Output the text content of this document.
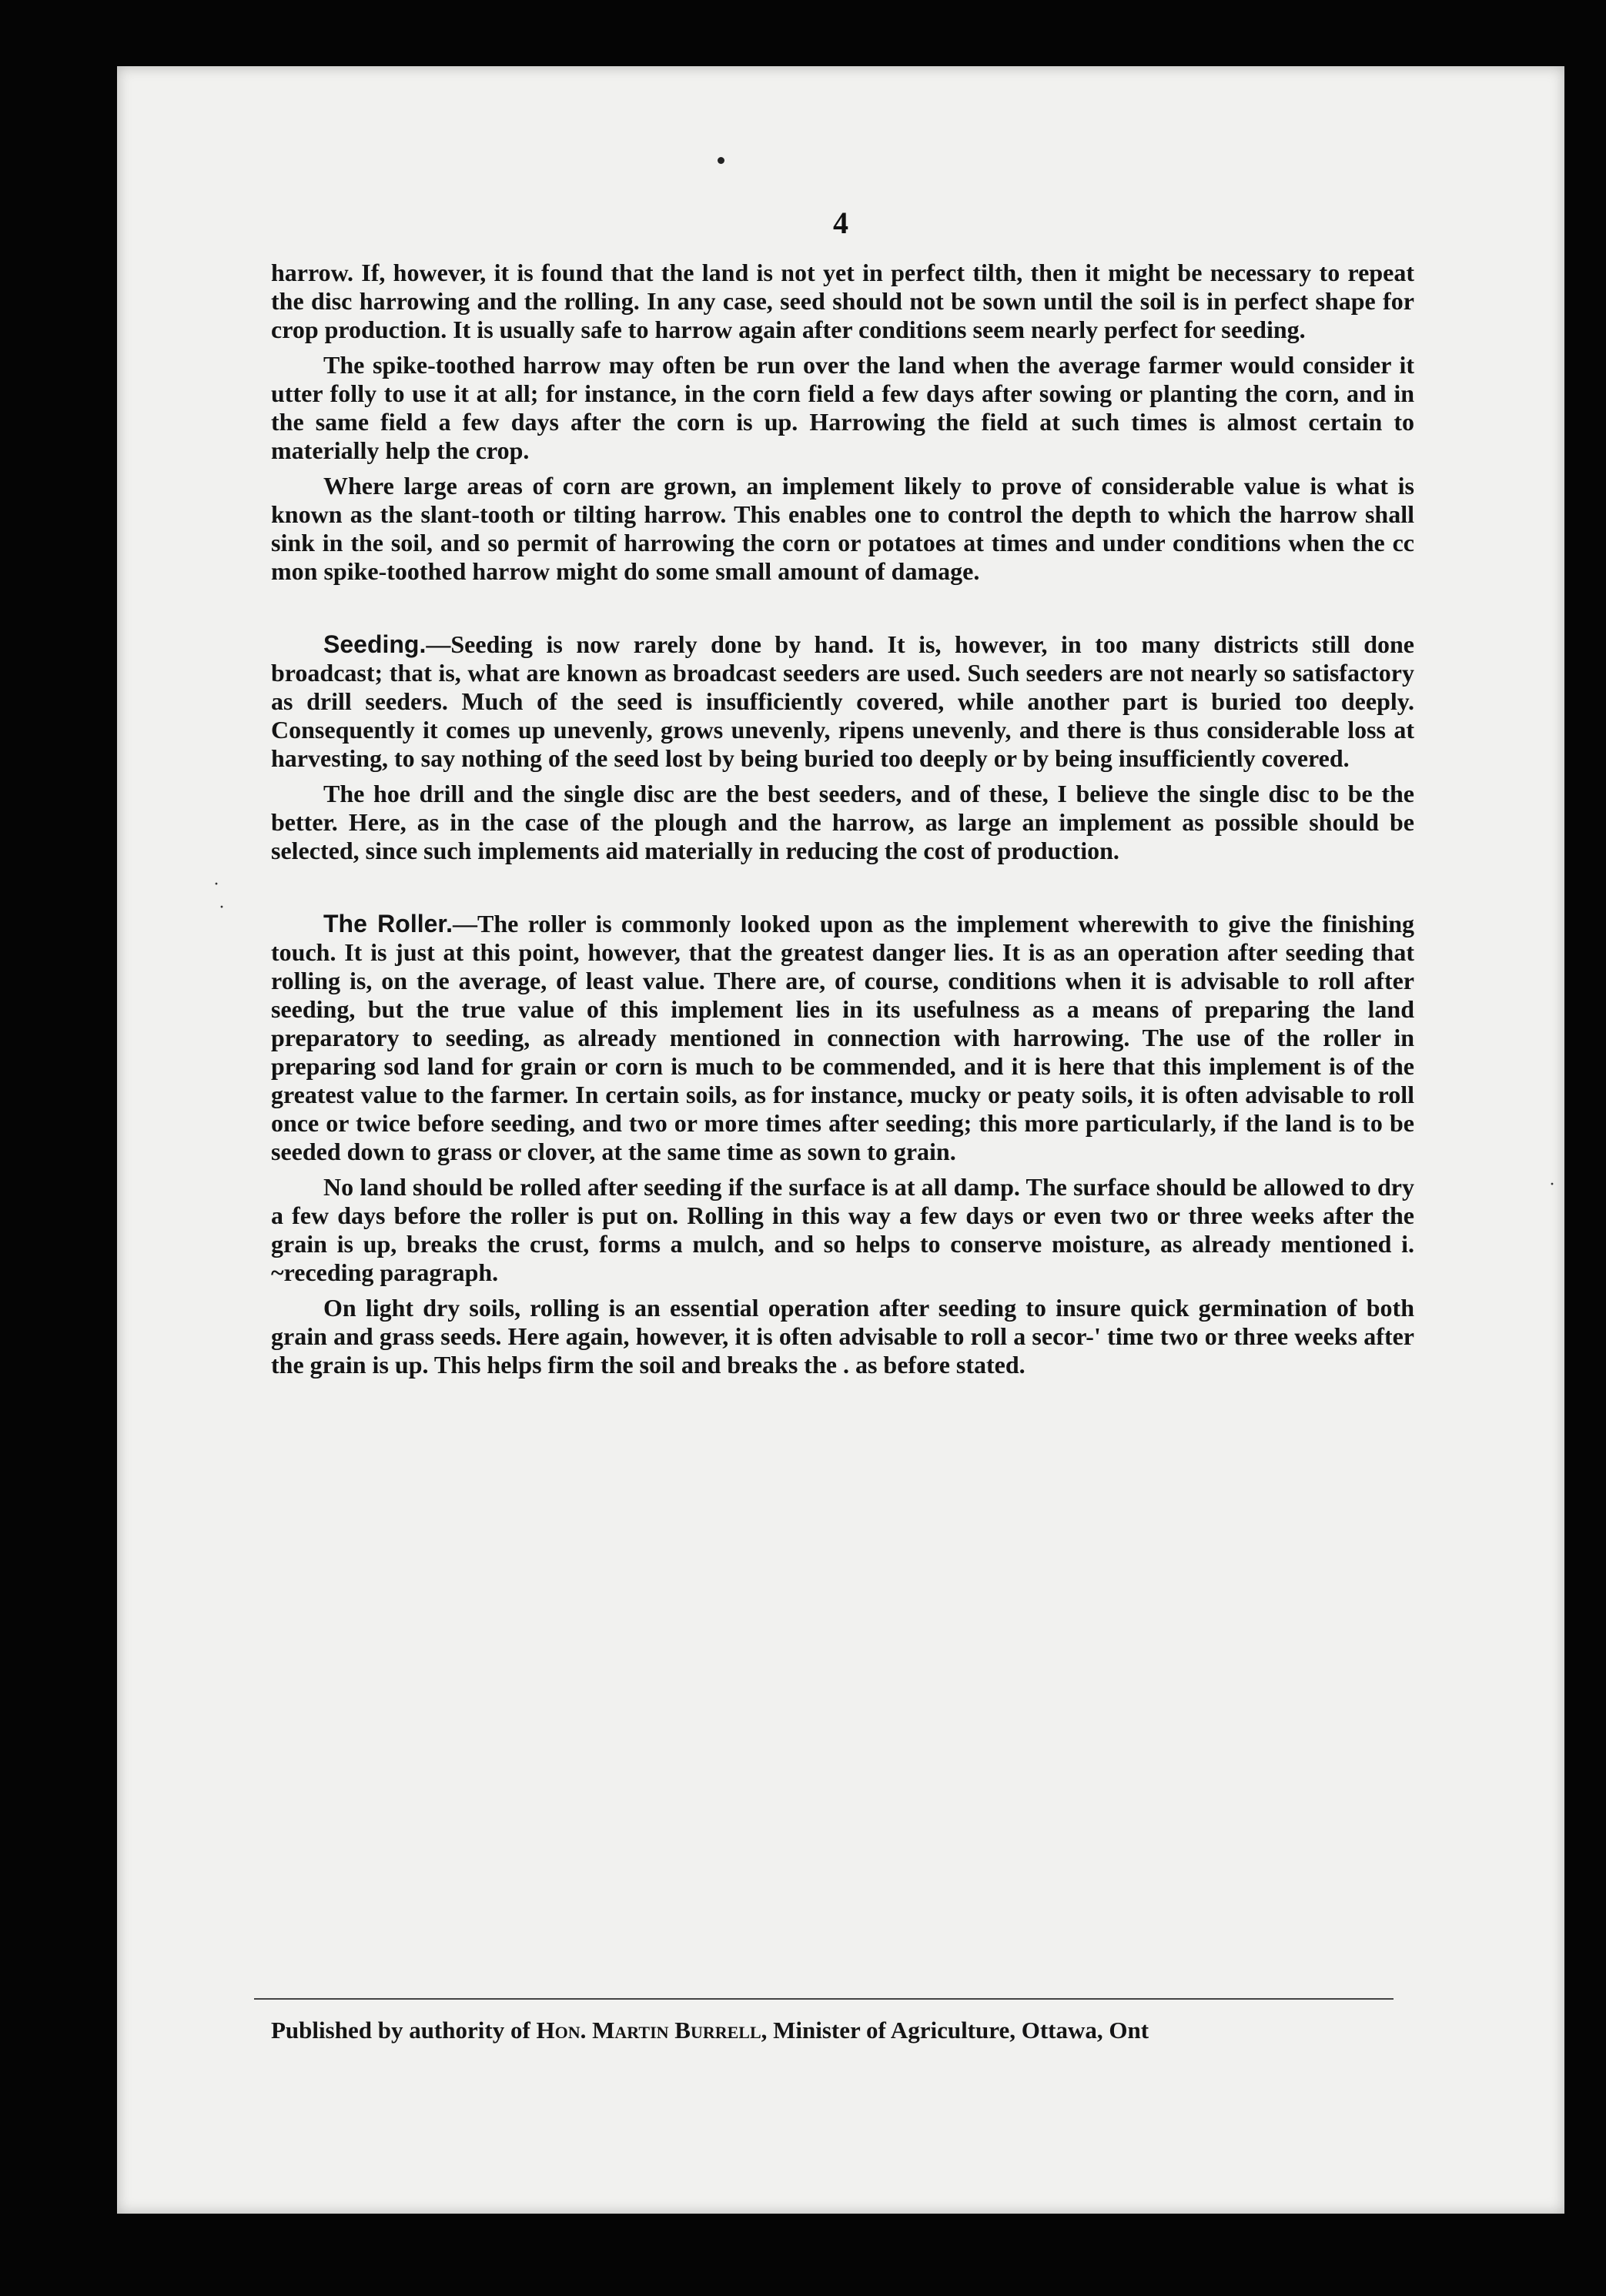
4

harrow. If, however, it is found that the land is not yet in perfect tilth, then it might be necessary to repeat the disc harrowing and the rolling. In any case, seed should not be sown until the soil is in perfect shape for crop production. It is usually safe to harrow again after conditions seem nearly perfect for seeding.

The spike-toothed harrow may often be run over the land when the average farmer would consider it utter folly to use it at all; for instance, in the corn field a few days after sowing or planting the corn, and in the same field a few days after the corn is up. Harrowing the field at such times is almost certain to materially help the crop.

Where large areas of corn are grown, an implement likely to prove of considerable value is what is known as the slant-tooth or tilting harrow. This enables one to control the depth to which the harrow shall sink in the soil, and so permit of harrowing the corn or potatoes at times and under conditions when the cc mon spike-toothed harrow might do some small amount of damage.

Seeding.—Seeding is now rarely done by hand. It is, however, in too many districts still done broadcast; that is, what are known as broadcast seeders are used. Such seeders are not nearly so satisfactory as drill seeders. Much of the seed is insufficiently covered, while another part is buried too deeply. Consequently it comes up unevenly, grows unevenly, ripens unevenly, and there is thus considerable loss at harvesting, to say nothing of the seed lost by being buried too deeply or by being insufficiently covered.

The hoe drill and the single disc are the best seeders, and of these, I believe the single disc to be the better. Here, as in the case of the plough and the harrow, as large an implement as possible should be selected, since such implements aid materially in reducing the cost of production.

The Roller.—The roller is commonly looked upon as the implement wherewith to give the finishing touch. It is just at this point, however, that the greatest danger lies. It is as an operation after seeding that rolling is, on the average, of least value. There are, of course, conditions when it is advisable to roll after seeding, but the true value of this implement lies in its usefulness as a means of preparing the land preparatory to seeding, as already mentioned in connection with harrowing. The use of the roller in preparing sod land for grain or corn is much to be commended, and it is here that this implement is of the greatest value to the farmer. In certain soils, as for instance, mucky or peaty soils, it is often advisable to roll once or twice before seeding, and two or more times after seeding; this more particularly, if the land is to be seeded down to grass or clover, at the same time as sown to grain.

No land should be rolled after seeding if the surface is at all damp. The surface should be allowed to dry a few days before the roller is put on. Rolling in this way a few days or even two or three weeks after the grain is up, breaks the crust, forms a mulch, and so helps to conserve moisture, as already mentioned i. ~receding paragraph.

On light dry soils, rolling is an essential operation after seeding to insure quick germination of both grain and grass seeds. Here again, however, it is often advisable to roll a secor-' time two or three weeks after the grain is up. This helps firm the soil and breaks the . as before stated.

Published by authority of Hon. Martin Burrell, Minister of Agriculture, Ottawa, Ont
·
·
·
